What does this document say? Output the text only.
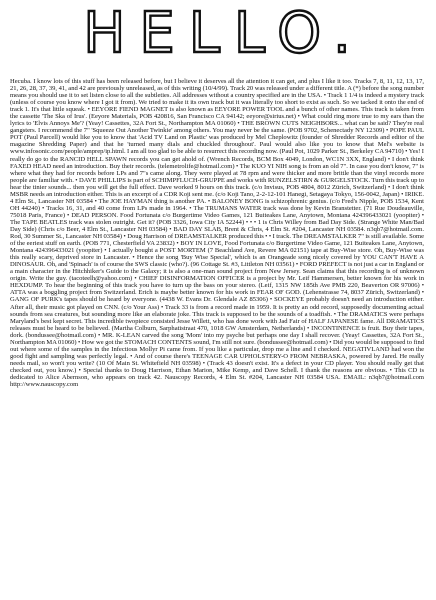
HELLO.

Hecuba. I know lots of this stuff has been released before, but I believe it deserves all the attention it can get, and plus I like it too. Tracks 7, 8, 11, 12, 13, 17, 21, 26, 28, 37, 39, 41, and 42 are previously unreleased, as of this writing (10/4/99). Track 20 was released under a different title. A (*) before the song number means you should use it to set listen close to all the subtleties. All addresses without a country specified are in the USA. • Track 1 1/4 is indeed a mystery track (unless of course you know where I got it from). We tried to make it its own track but it was literally too short to exist as such. So we tacked it onto the end of track 1. It's that little squeak. • EEYORE FIEND MAGNET is also known as EEYORE POWER TOOL and a bunch of other names. This track is taken from the cassette 'The Ska of Irus'. (Eeyore Materials, POB 420816, San Francisco CA 94142; eeyore@sirius.net) • What could ring more true to my ears than the lyrics to 'Elvis Annoys Me'? (Yeay! Cassettes, 32A Fort St., Northampton MA 01060) • THE BROWN CUTS NEIGHBORS... what can be said? They're real gangsters. I recommend the 7" 'Squeeze Out Another Twinkie' among others. You may never be the same. (POB 9702, Schenectady NY 12309) • POPE PAUL POT (Paul Parcell) would like you to know that 'Acid TV Land on Plastic' was produced by Mel Cheplowitz (founder of Shredder Records and editor of the magazine Shredding Paper) and that he 'turned many dials and chuckled throughout'. Paul would also like you to know that Mel's website is www.infosonic.com/people/amprep/ip.html. I am all too glad to be able to resurrect this recording now. (Paul Pot, 1029 Parker St., Berkeley CA 94710) • Yes! I really do go to the RANCID HELL SPAWN records you can get ahold of. (Wrench Records, BCM Box 4049, London, WC1N 3XX, England) • I don't think FAXED HEAD need an introduction. Buy their records. (telemetrolife@hotmail.com) • The KUO YI NIH song is from an old 7". In case you don't know, 7" is where what they had for records before LPs and 7"s came along. They were played at 78 rpm and were thicker and more brittle than the vinyl records more people are familiar with. • DAVE PHILLIPS is part of SCHIMPFLUCH-GRUPPE and works with RUNZELSTIRN & GURGELSTOCK. Turn this track up to hear the tinier sounds... then you will get the full effect. Dave worked 9 hours on this track. (c/o Invisus, POB 4804, 8012 Zürich, Switzerland) • I don't think MSBR needs an introduction either. This is an excerpt of a CDR Koji sent me. (c/o Koji Tano, 2-2-12-101 Hanegi, Setagaya Tokyo, 156-0042, Japan) • IRIKE. 4 Elm St., Lancaster NH 03584 • The JOE HAYMAN thing is another PA. • BALONEY BONG is schizophrenic genius. (c/o Fred's Nipple, POB 1534, Kent OH 44240) • Tracks 16, 31, and 40 come from LPs made in 1964. • The TRUMANS WATER track was done by Kevin Branstetter. (71 Rue Doudeauville, 75018 Paris, France) • DEAD PERSON. Food Fortunata c/o Burgertime Video Games, 121 Buiteakes Lane, Anytown, Montana 424396433021 (yoopiter) • The TAPE BEATLES track was stolen outright. Get it? (POB 3326, Iowa City IA 52244) • • • 1 is Chris Willey from Bad Day Side. (Strange White Man/Bad Day Side) (Chris c/o Beer, 4 Elm St., Lancaster NH 03584) • BAD DAY SLAB, Brent & Chris, 4 Elm St. #204, Lancaster NH 03584. n3qb7@hotmail.com. Rod, 30 Summer St., Lancaster NH 03584) • Doug Harrison of DREAMSTALKER produced this • • I track. The DREAMSTALKER 7" is still available. Some of the eeriest stuff on earth. (POB 771, Chesterfield VA 23832) • BOY IN LOVE, Food Fortunata c/o Burgertime Video Game, 121 Buiteakes Lane, Anytown, Montana 424396433021 (yoopiter) • I actually bought a POST MORTEM (7 Beachland Ave, Revere MA 02151) tape at Buy-Wise store. Oh, Buy-Wise was this really scary, deprived store in Lancaster. • Hence the song 'Buy Wise Special', which is an Orangeade song nicely covered by YOU CAN'T HAVE A DINOSAUR. Oh, and 'Spinach' is of course the SWS classic (who?). (96 Cottage St. #3, Littleton NH 03561) • FORD PREFECT is not just a car in England or a main character in the Hitchhiker's Guide to the Galaxy; it is also a one-man sound project from New Jersey. Sean claims that this recording is of unknown origin. Write the guy. (tacoteelh@yahoo.com) • CHIEF DISINFORMATION OFFICER is a project by Mr. Leif Hammersen, better known for his work in HEXDUMP. To hear the beginning of this track you have to turn up the bass on your stereo. (Leif, 1315 NW 185th Ave PMB 220, Beaverton OR 97006) • ATTA was a boggling project from Switzerland. Erich is maybe better known for his work in FEAR OF GOD. (Lehenstrasse 74, 8037 Zürich, Switzerland) • GANG OF PURK's tapes should be heard by everyone. (4438 W. Evans Dr. Glendale AZ 85306) • SOCKEYE probably doesn't need an introduction either. After all, their music got played on CNN. (c/o Your Ass) • Track 33 is from a record made in 1959. It is pretty an odd record, supposedly documenting actual sounds from sea creatures, but sounding more like an elaborate joke. This track is supposed to be the sounds of a toadfish. • The DRAMATICS were perhaps Maryland's best kept secret. This incredible twopiece consisted Jesse Willett, who has done work with Jad Fair of HALF JAPANESE fame. All DRAMATICS releases must be heard to be believed. (Martha Colburn, Sarphatistraat 470, 1018 GW Amsterdam, Netherlands) • INCONTINENCE is fruit. Buy their tapes, dork. (bondussee@hotmail.com) • MR. K-LEAN carved the song 'Mom' into my psyche but perhaps one day I shall recover. (Yeay! Cassettes, 32A Fort St., Northampton MA 01060) • How we got the STOMACH CONTENTS sound, I'm still not sure. (bondussee@hotmail.com) • Did you would be supposed to find out where some of the samples in the Infectious Mollyr Pi came from. If you like a particular, drop me a line and I checked. NEGATIVLAND had won the good fight and sampling was perfectly legal. • And of course there's TEENAGE CAR UPHOLSTERY-O FROM NEBRASKA, powered by Jared. He really needs mail, so won't you write? (10 Of Main St. Whitefield NH 03598) • (Track 43 doesn't exist. It's a defect in your CD player. You should really get that checked out, you know.) • Special thanks to Doug Harrison, Ethan Marion, Mike Kemp, and Dave Schell. I thank the reasons are obvious. • This CD is dedicated to Alice Abernson, who appears on track 42. Nauscopy Records, 4 Elm St. #204, Lancaster NH 03584 USA. EMAIL: n3qb7@hotmail.com http://www.nauscopy.com
